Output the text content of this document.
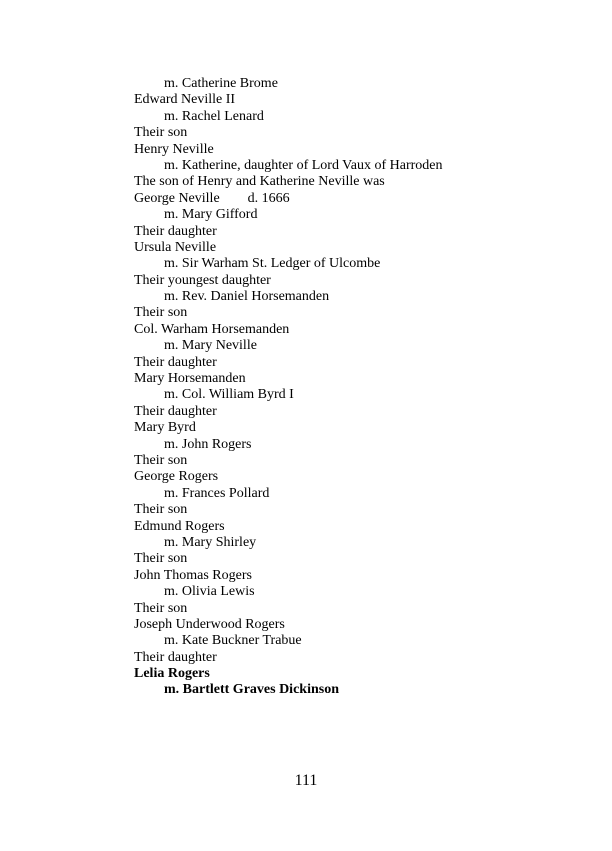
m. Catherine Brome
Edward Neville II
m. Rachel Lenard
Their son
Henry Neville
m. Katherine, daughter of Lord Vaux of Harroden
The son of Henry and Katherine Neville was
George Neville        d. 1666
m. Mary Gifford
Their daughter
Ursula Neville
m. Sir Warham St. Ledger of Ulcombe
Their youngest daughter
m. Rev. Daniel Horsemanden
Their son
Col. Warham Horsemanden
m. Mary Neville
Their daughter
Mary Horsemanden
m. Col. William Byrd I
Their daughter
Mary Byrd
m. John Rogers
Their son
George Rogers
m. Frances Pollard
Their son
Edmund Rogers
m. Mary Shirley
Their son
John Thomas Rogers
m. Olivia Lewis
Their son
Joseph Underwood Rogers
m. Kate Buckner Trabue
Their daughter
Lelia Rogers
m. Bartlett Graves Dickinson
111
